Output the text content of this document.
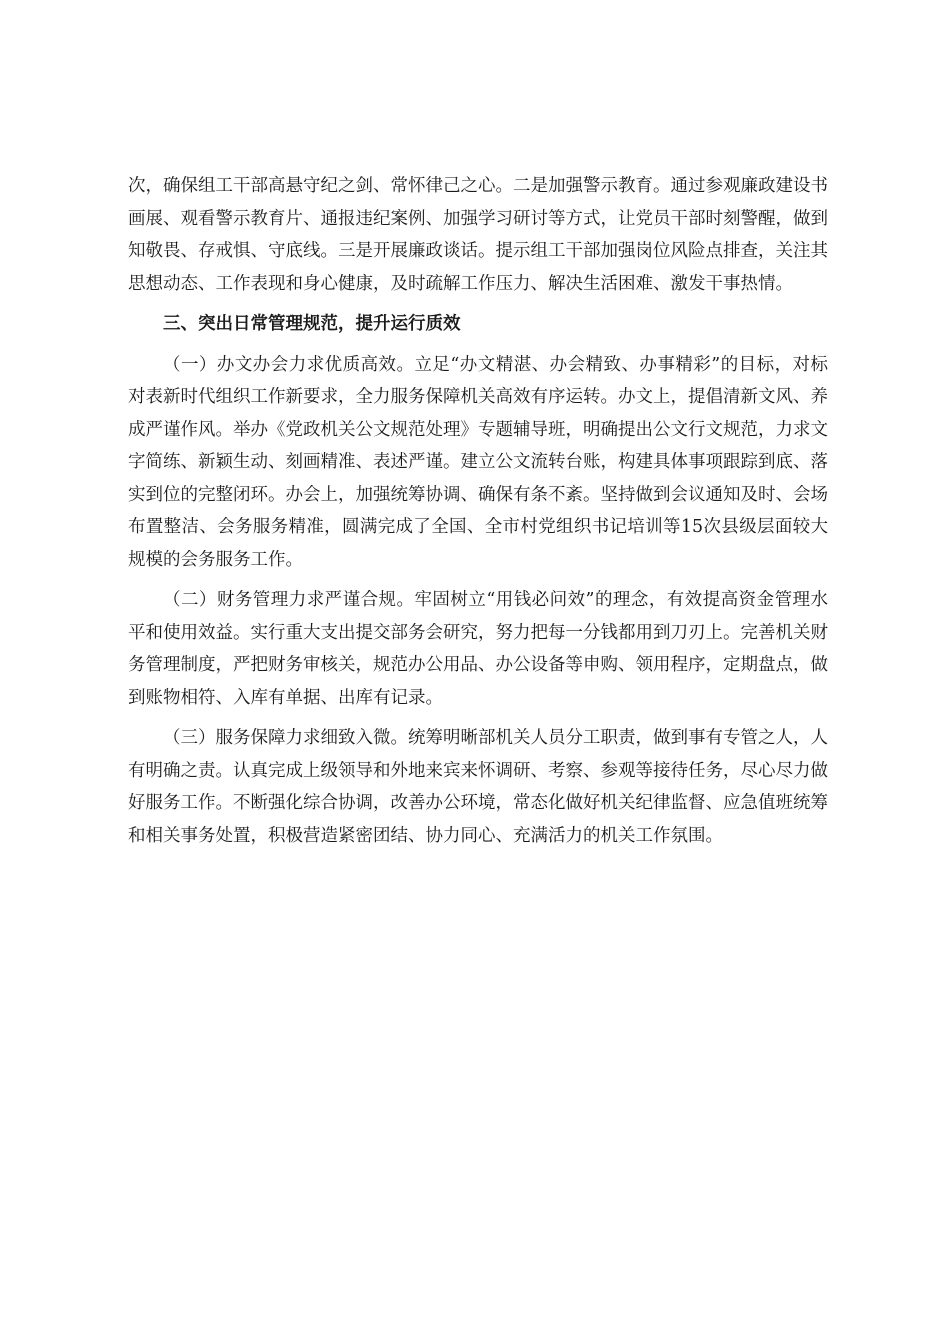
次，确保组工干部高悬守纪之剑、常怀律己之心。二是加强警示教育。通过参观廉政建设书画展、观看警示教育片、通报违纪案例、加强学习研讨等方式，让党员干部时刻警醒，做到知敬畏、存戒惧、守底线。三是开展廉政谈话。提示组工干部加强岗位风险点排查，关注其思想动态、工作表现和身心健康，及时疏解工作压力、解决生活困难、激发干事热情。

三、突出日常管理规范，提升运行质效

（一）办文办会力求优质高效。立足“办文精湛、办会精致、办事精彩”的目标，对标对表新时代组织工作新要求，全力服务保障机关高效有序运转。办文上，提倡清新文风、养成严谨作风。举办《党政机关公文规范处理》专题辅导班，明确提出公文行文规范，力求文字简练、新颖生动、刻画精准、表述严谨。建立公文流转台账，构建具体事项跟踪到底、落实到位的完整闭环。办会上，加强统筹协调、确保有条不紊。坚持做到会议通知及时、会场布置整洁、会务服务精准，圆满完成了全国、全市村党组织书记培训等15次县级层面较大规模的会务服务工作。

（二）财务管理力求严谨合规。牢固树立“用钱必问效”的理念，有效提高资金管理水平和使用效益。实行重大支出提交部务会研究，努力把每一分钱都用到刀刃上。完善机关财务管理制度，严把财务审核关，规范办公用品、办公设备等申购、领用程序，定期盘点，做到账物相符、入库有单据、出库有记录。

（三）服务保障力求细致入微。统筹明晰部机关人员分工职责，做到事有专管之人，人有明确之责。认真完成上级领导和外地来宾来怀调研、考察、参观等接待任务，尽心尽力做好服务工作。不断强化综合协调，改善办公环境，常态化做好机关纪律监督、应急值班统筹和相关事务处置，积极营造紧密团结、协力同心、充满活力的机关工作氛围。
